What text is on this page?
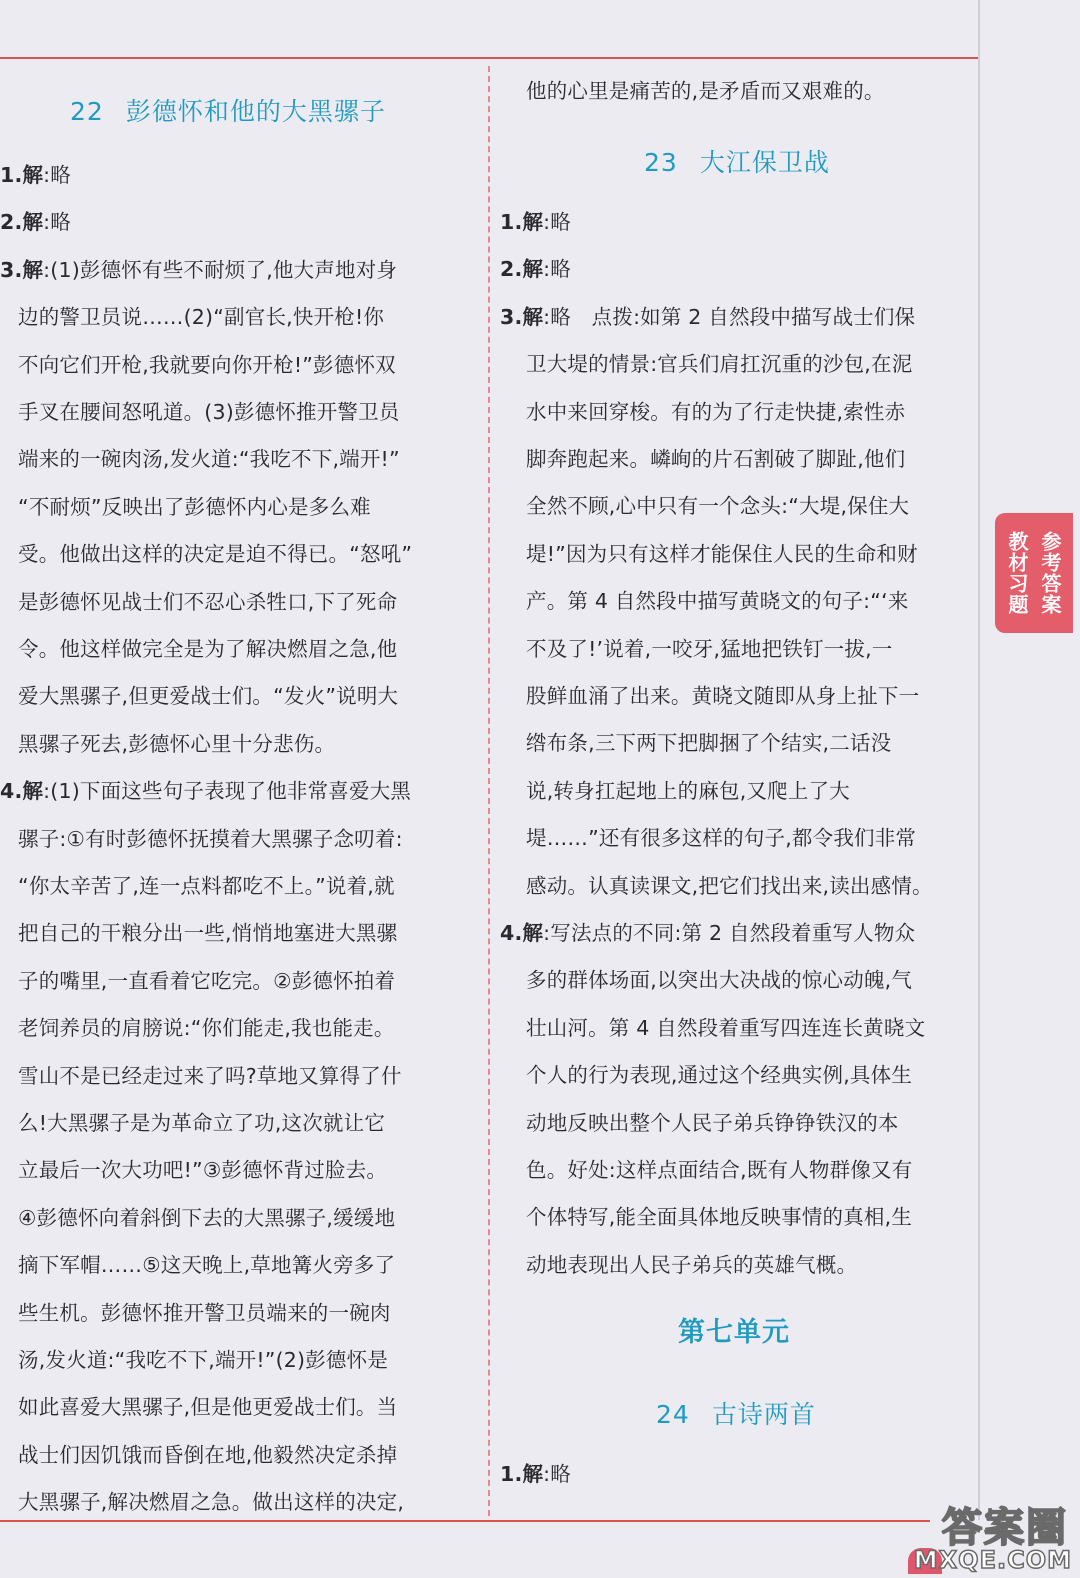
22 彭德怀和他的大黑骡子

1.解:略

2.解:略

3.解:(1)彭德怀有些不耐烦了,他大声地对身

边的警卫员说……(2)“副官长,快开枪!你

不向它们开枪,我就要向你开枪!”彭德怀双

手叉在腰间怒吼道。(3)彭德怀推开警卫员

端来的一碗肉汤,发火道:“我吃不下,端开!”

“不耐烦”反映出了彭德怀内心是多么难

受。他做出这样的决定是迫不得已。“怒吼”

是彭德怀见战士们不忍心杀牲口,下了死命

令。他这样做完全是为了解决燃眉之急,他

爱大黑骡子,但更爱战士们。“发火”说明大

黑骡子死去,彭德怀心里十分悲伤。

4.解:(1)下面这些句子表现了他非常喜爱大黑

骡子:①有时彭德怀抚摸着大黑骡子念叨着:

“你太辛苦了,连一点料都吃不上。”说着,就

把自己的干粮分出一些,悄悄地塞进大黑骡

子的嘴里,一直看着它吃完。②彭德怀拍着

老饲养员的肩膀说:“你们能走,我也能走。

雪山不是已经走过来了吗?草地又算得了什

么!大黑骡子是为革命立了功,这次就让它

立最后一次大功吧!”③彭德怀背过脸去。

④彭德怀向着斜倒下去的大黑骡子,缓缓地

摘下军帽……⑤这天晚上,草地篝火旁多了

些生机。彭德怀推开警卫员端来的一碗肉

汤,发火道:“我吃不下,端开!”(2)彭德怀是

如此喜爱大黑骡子,但是他更爱战士们。当

战士们因饥饿而昏倒在地,他毅然决定杀掉

大黑骡子,解决燃眉之急。做出这样的决定,

他的心里是痛苦的,是矛盾而又艰难的。

23 大江保卫战

1.解:略

2.解:略

3.解:略　点拨:如第 2 自然段中描写战士们保

卫大堤的情景:官兵们肩扛沉重的沙包,在泥

水中来回穿梭。有的为了行走快捷,索性赤

脚奔跑起来。嶙峋的片石割破了脚趾,他们

全然不顾,心中只有一个念头:“大堤,保住大

堤!”因为只有这样才能保住人民的生命和财

产。第 4 自然段中描写黄晓文的句子:“‘来

不及了!’说着,一咬牙,猛地把铁钉一拔,一

股鲜血涌了出来。黄晓文随即从身上扯下一

绺布条,三下两下把脚捆了个结实,二话没

说,转身扛起地上的麻包,又爬上了大

堤……”还有很多这样的句子,都令我们非常

感动。认真读课文,把它们找出来,读出感情。

4.解:写法点的不同:第 2 自然段着重写人物众

多的群体场面,以突出大决战的惊心动魄,气

壮山河。第 4 自然段着重写四连连长黄晓文

个人的行为表现,通过这个经典实例,具体生

动地反映出整个人民子弟兵铮铮铁汉的本

色。好处:这样点面结合,既有人物群像又有

个体特写,能全面具体地反映事情的真相,生

动地表现出人民子弟兵的英雄气概。

第七单元
24 古诗两首

1.解:略

参考答案
教材习题
答案圈
MXQE.COM
